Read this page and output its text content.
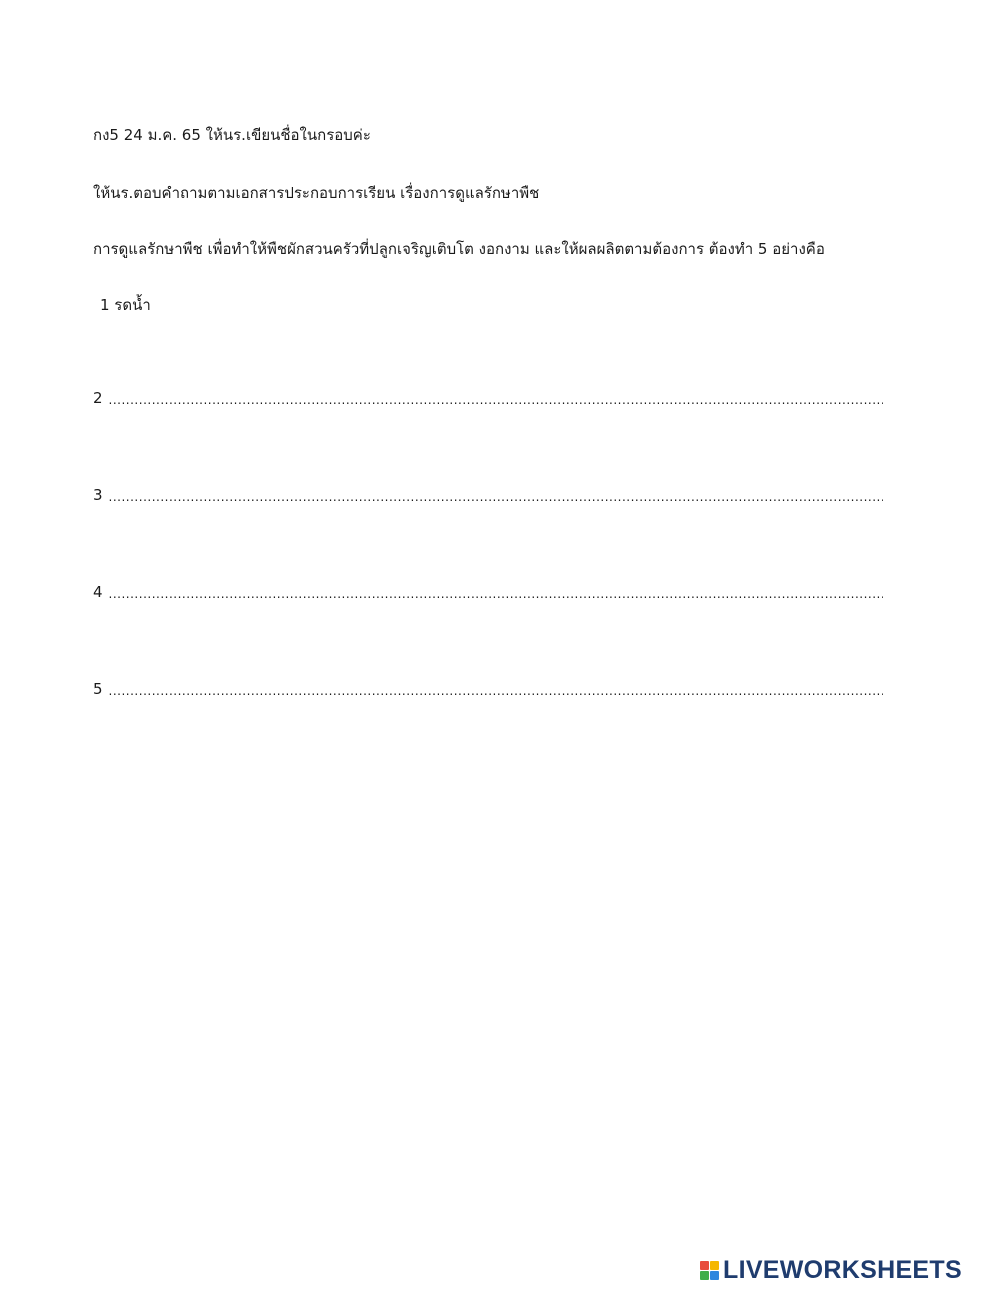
กง5 24 ม.ค. 65 ให้นร.เขียนชื่อในกรอบค่ะ
ให้นร.ตอบคำถามตามเอกสารประกอบการเรียน เรื่องการดูแลรักษาพืช
การดูแลรักษาพืช เพื่อทำให้พืชผักสวนครัวที่ปลูกเจริญเติบโต งอกงาม และให้ผลผลิตตามต้องการ ต้องทำ 5 อย่างคือ
1 รดน้ำ
2
.....
3
.....
4
.....
5
.....
LIVEWORKSHEETS
